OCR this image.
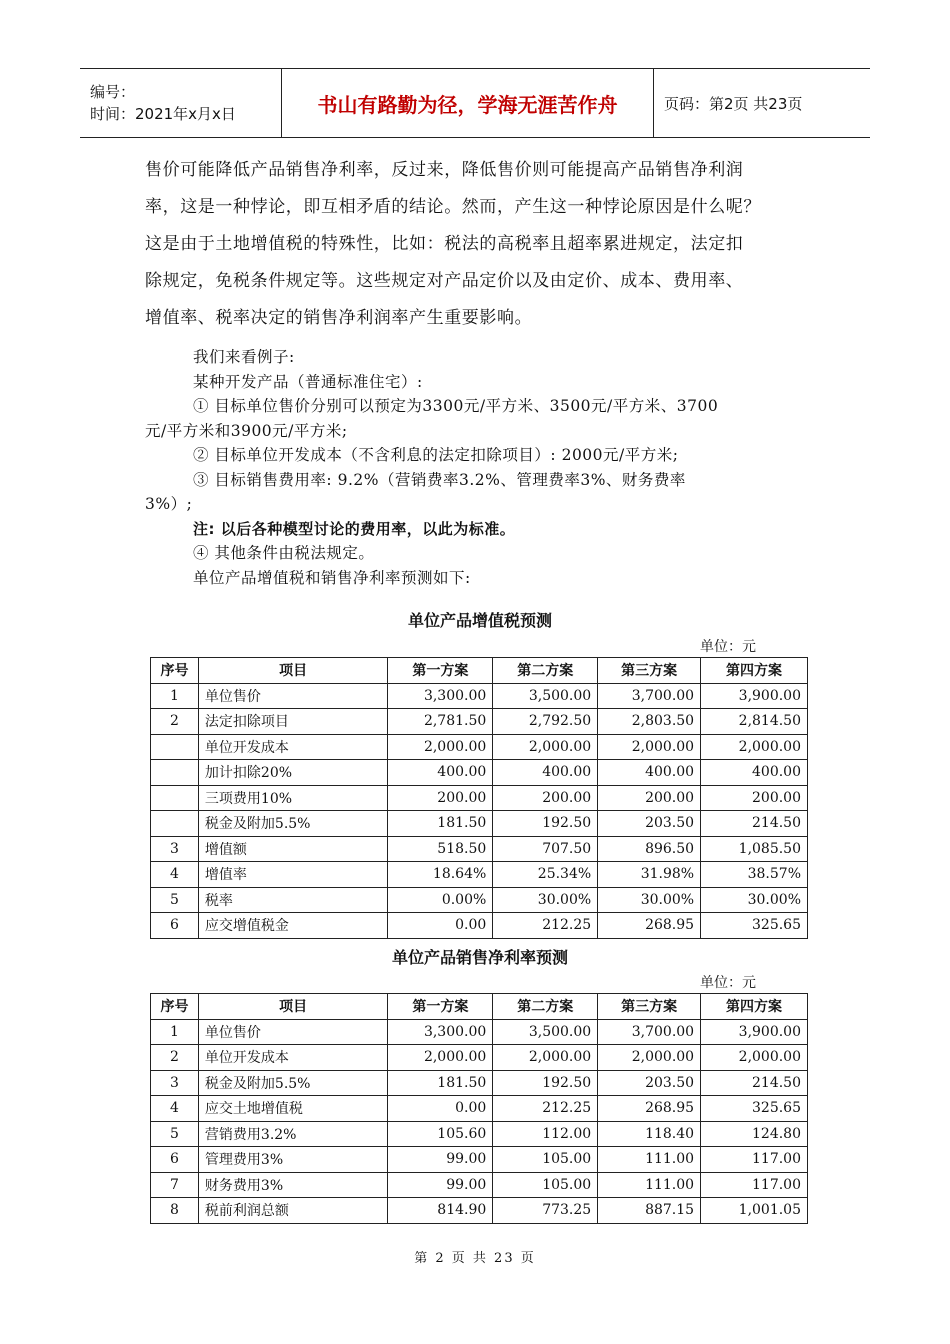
编号：
时间：2021年x月x日	书山有路勤为径，学海无涯苦作舟	页码：第2页 共23页
售价可能降低产品销售净利率，反过来，降低售价则可能提高产品销售净利润
率，这是一种悖论，即互相矛盾的结论。然而，产生这一种悖论原因是什么呢？
这是由于土地增值税的特殊性，比如：税法的高税率且超率累进规定，法定扣
除规定，免税条件规定等。这些规定对产品定价以及由定价、成本、费用率、
增值率、税率决定的销售净利润率产生重要影响。
我们来看例子:
某种开发产品（普通标准住宅）:
① 目标单位售价分别可以预定为3300元/平方米、3500元/平方米、3700
元/平方米和3900元/平方米;
② 目标单位开发成本（不含利息的法定扣除项目）: 2000元/平方米;
③ 目标销售费用率: 9.2%（营销费率3.2%、管理费率3%、财务费率
3%）;
注: 以后各种模型讨论的费用率，以此为标准。
④ 其他条件由税法规定。
单位产品增值税和销售净利率预测如下:
单位产品增值税预测
单位：元
序号	项目	第一方案	第二方案	第三方案	第四方案
1	单位售价	3,300.00	3,500.00	3,700.00	3,900.00
2	法定扣除项目	2,781.50	2,792.50	2,803.50	2,814.50
	单位开发成本	2,000.00	2,000.00	2,000.00	2,000.00
	加计扣除20%	400.00	400.00	400.00	400.00
	三项费用10%	200.00	200.00	200.00	200.00
	税金及附加5.5%	181.50	192.50	203.50	214.50
3	增值额	518.50	707.50	896.50	1,085.50
4	增值率	18.64%	25.34%	31.98%	38.57%
5	税率	0.00%	30.00%	30.00%	30.00%
6	应交增值税金	0.00	212.25	268.95	325.65
单位产品销售净利率预测
单位：元
序号	项目	第一方案	第二方案	第三方案	第四方案
1	单位售价	3,300.00	3,500.00	3,700.00	3,900.00
2	单位开发成本	2,000.00	2,000.00	2,000.00	2,000.00
3	税金及附加5.5%	181.50	192.50	203.50	214.50
4	应交土地增值税	0.00	212.25	268.95	325.65
5	营销费用3.2%	105.60	112.00	118.40	124.80
6	管理费用3%	99.00	105.00	111.00	117.00
7	财务费用3%	99.00	105.00	111.00	117.00
8	税前利润总额	814.90	773.25	887.15	1,001.05
第 2 页 共 23 页
